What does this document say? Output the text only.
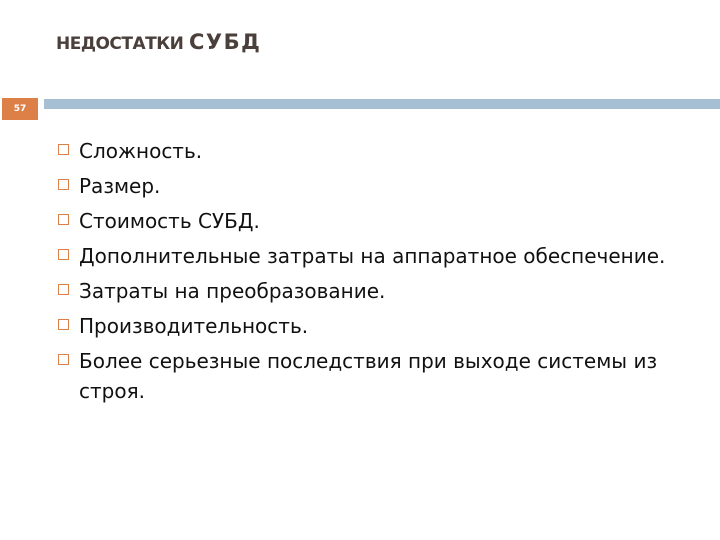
НЕДОСТАТКИ СУБД
57
Сложность.
Размер.
Стоимость СУБД.
Дополнительные затраты на аппаратное обеспечение.
Затраты на преобразование.
Производительность.
Более серьезные последствия при выходе системы из строя.
